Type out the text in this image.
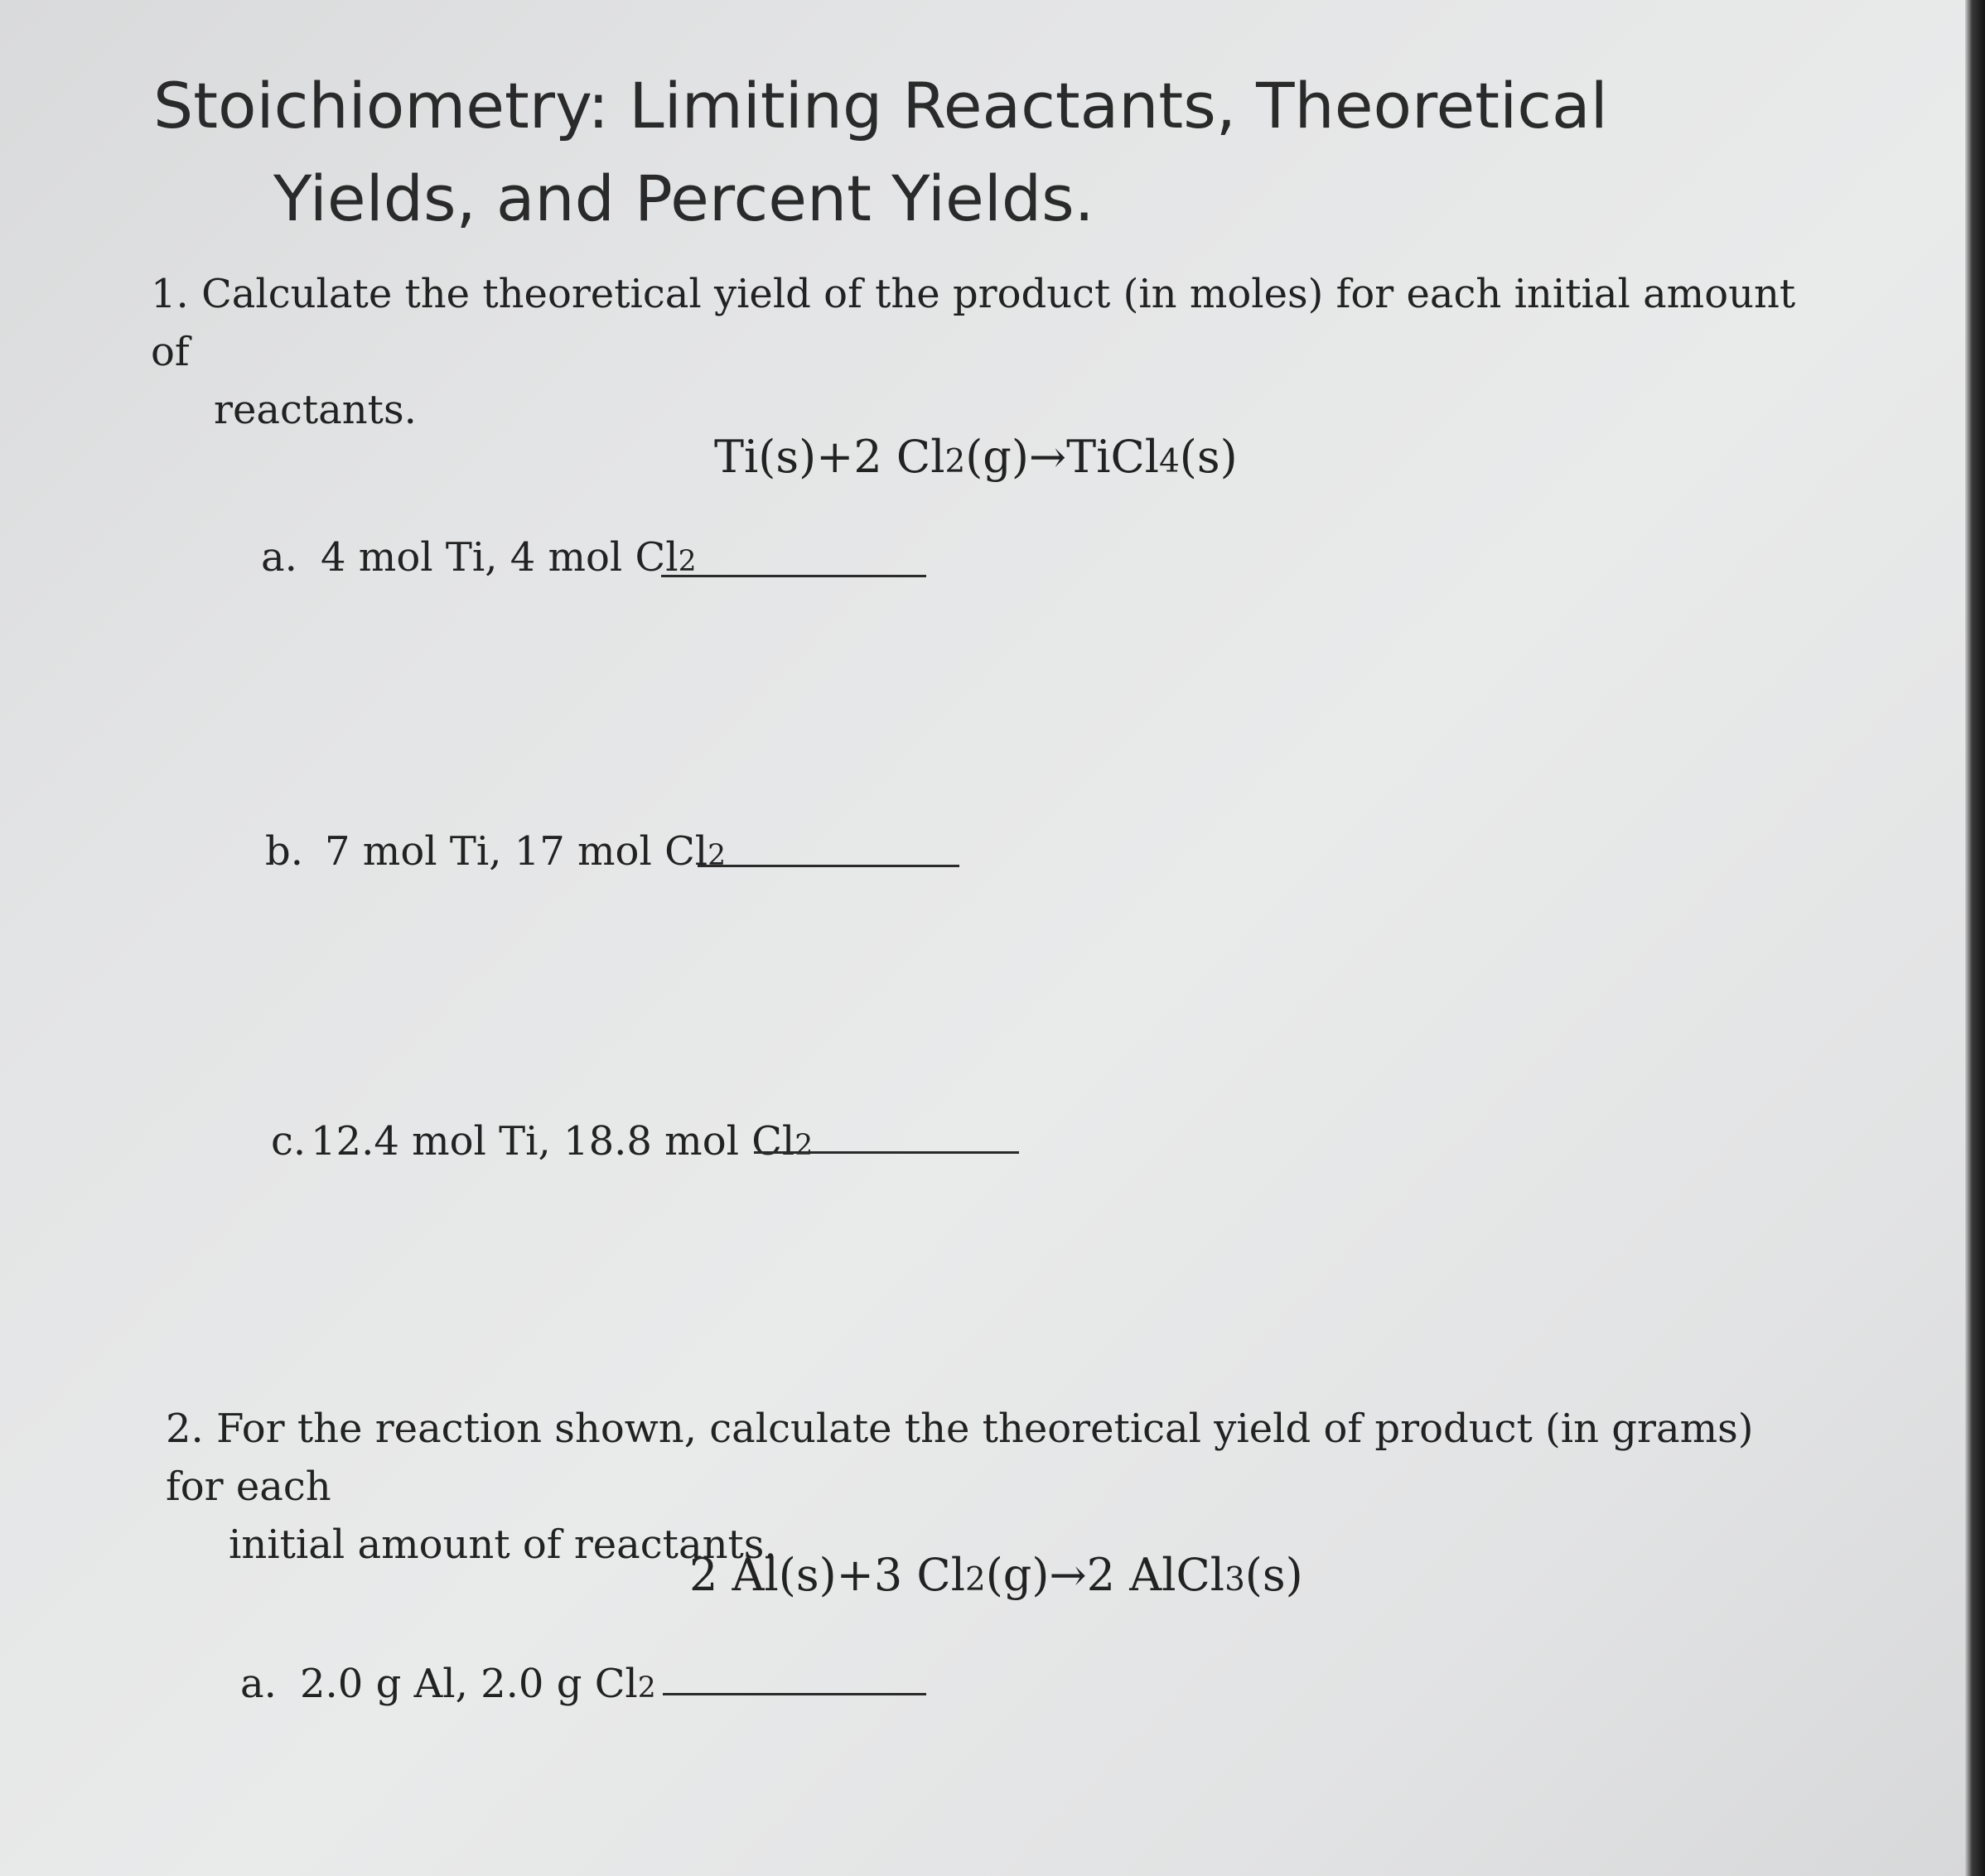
Stoichiometry: Limiting Reactants, Theoretical
Yields, and Percent Yields.
1. Calculate the theoretical yield of the product (in moles) for each initial amount of
reactants.
Ti(s)+2 Cl2(g)→TiCl4(s)
a. 4 mol Ti, 4 mol Cl2
b. 7 mol Ti, 17 mol Cl2
c. 12.4 mol Ti, 18.8 mol Cl2
2. For the reaction shown, calculate the theoretical yield of product (in grams) for each
initial amount of reactants.
2 Al(s)+3 Cl2(g)→2 AlCl3(s)
a. 2.0 g Al, 2.0 g Cl2
